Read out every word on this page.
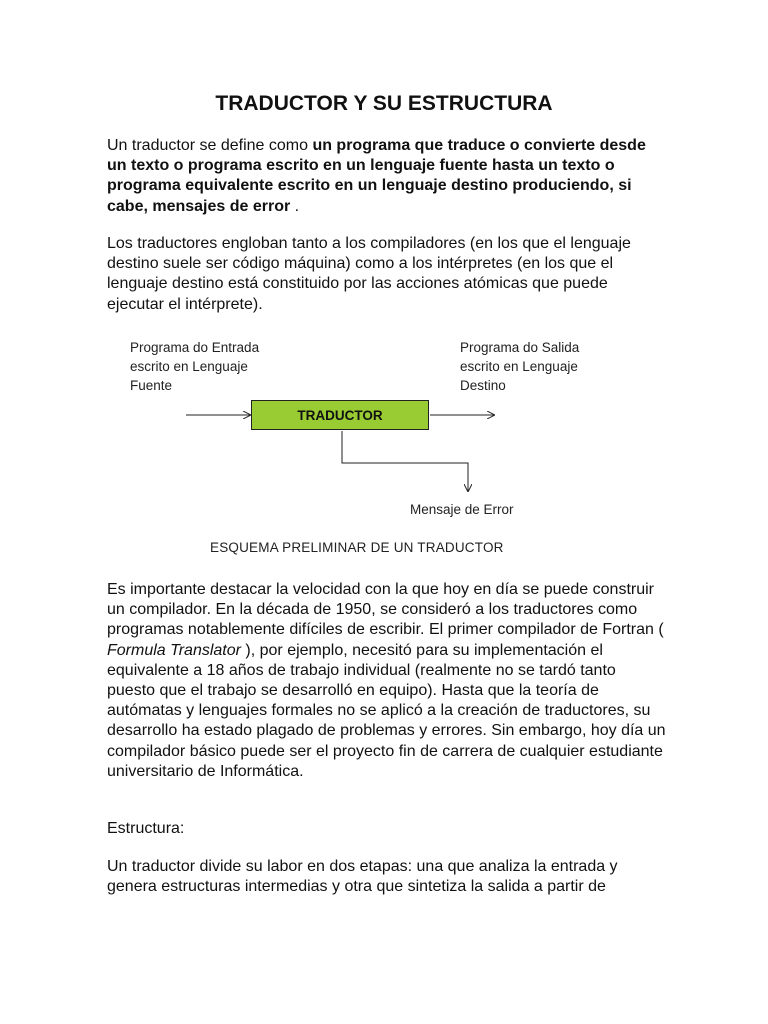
TRADUCTOR Y SU ESTRUCTURA

Un traductor se define como un programa que traduce o convierte desde un texto o programa escrito en un lenguaje fuente hasta un texto o programa equivalente escrito en un lenguaje destino produciendo, si cabe, mensajes de error .

Los traductores engloban tanto a los compiladores (en los que el lenguaje destino suele ser código máquina) como a los intérpretes (en los que el lenguaje destino está constituido por las acciones atómicas que puede ejecutar el intérprete).

Programa do Entrada
escrito en Lenguaje
Fuente
Programa do Salida
escrito en Lenguaje
Destino
TRADUCTOR
Mensaje de Error
ESQUEMA PRELIMINAR DE UN TRADUCTOR

Es importante destacar la velocidad con la que hoy en día se puede construir un compilador. En la década de 1950, se consideró a los traductores como programas notablemente difíciles de escribir. El primer compilador de Fortran ( Formula Translator ), por ejemplo, necesitó para su implementación el equivalente a 18 años de trabajo individual (realmente no se tardó tanto puesto que el trabajo se desarrolló en equipo). Hasta que la teoría de autómatas y lenguajes formales no se aplicó a la creación de traductores, su desarrollo ha estado plagado de problemas y errores. Sin embargo, hoy día un compilador básico puede ser el proyecto fin de carrera de cualquier estudiante universitario de Informática.

Estructura:

Un traductor divide su labor en dos etapas: una que analiza la entrada y genera estructuras intermedias y otra que sintetiza la salida a partir de
